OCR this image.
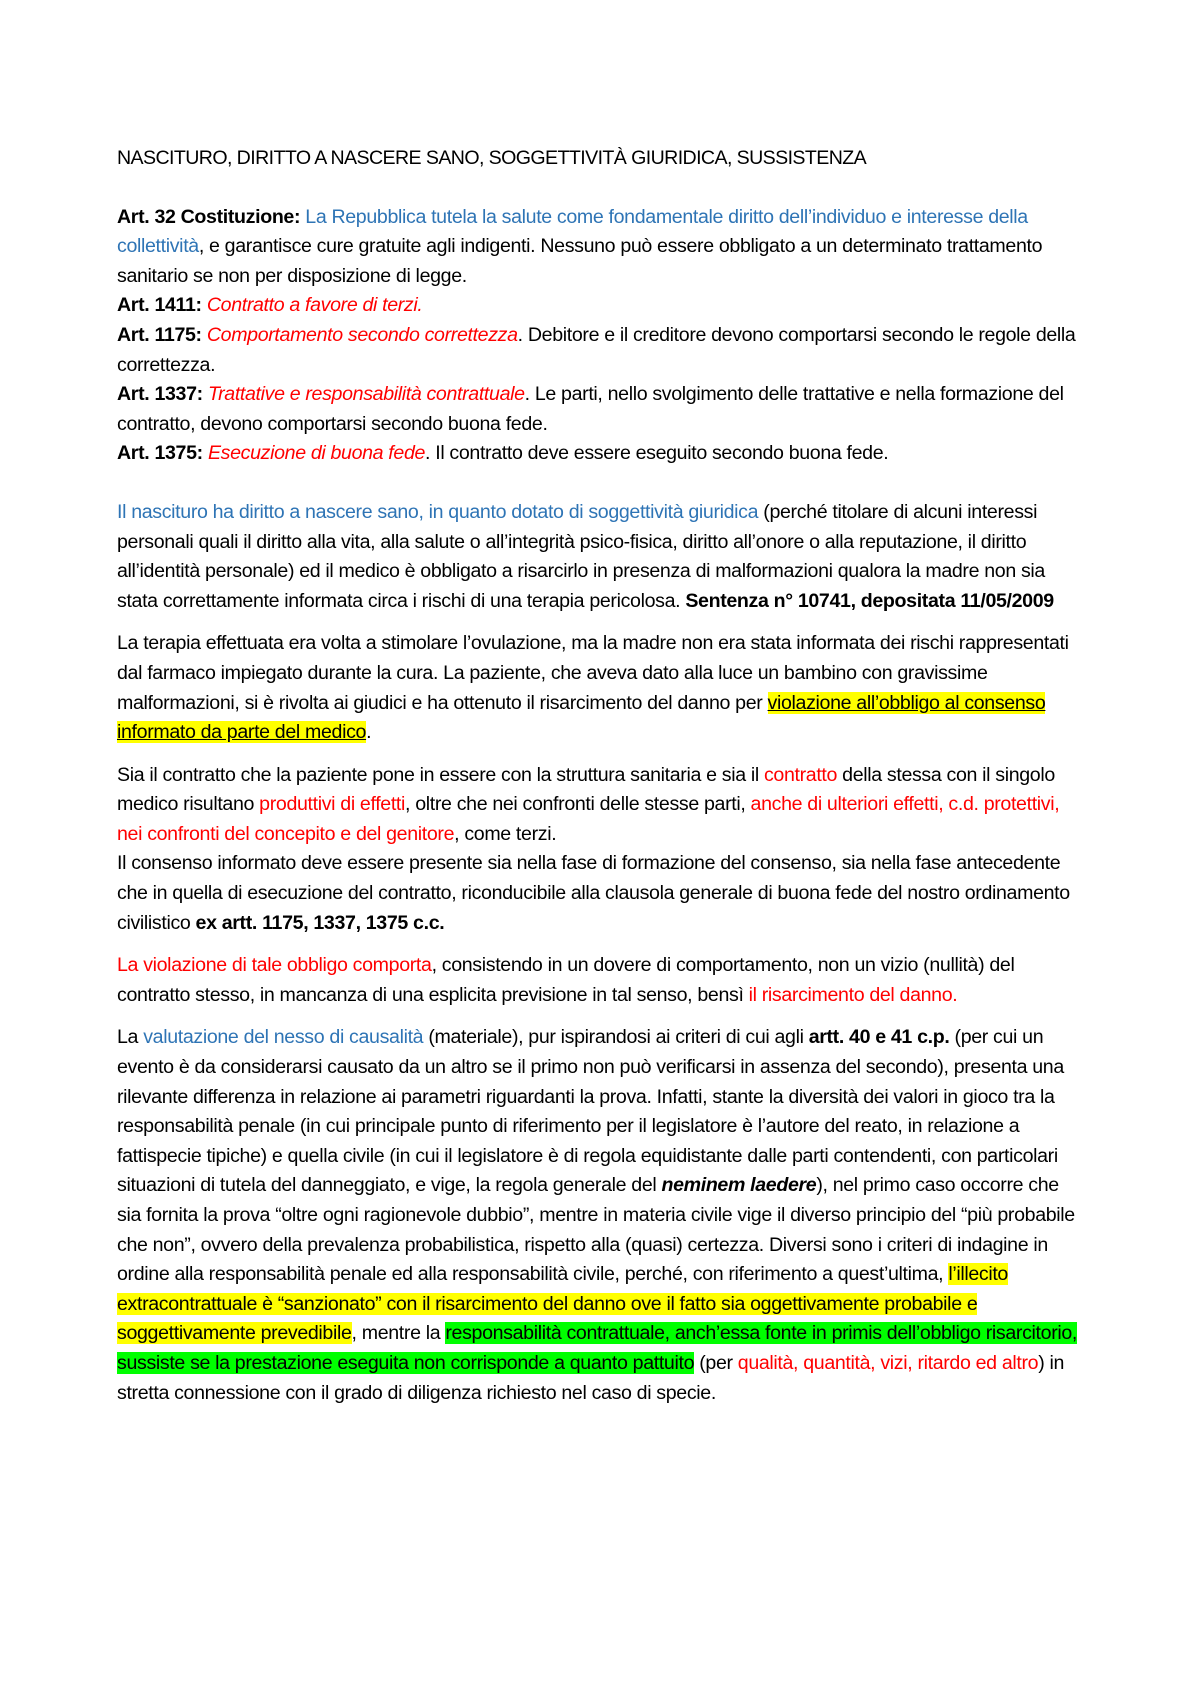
NASCITURO, DIRITTO A NASCERE SANO, SOGGETTIVITÀ GIURIDICA, SUSSISTENZA

Art. 32 Costituzione: La Repubblica tutela la salute come fondamentale diritto dell’individuo e interesse della collettività, e garantisce cure gratuite agli indigenti. Nessuno può essere obbligato a un determinato trattamento sanitario se non per disposizione di legge.

Art. 1411: Contratto a favore di terzi.

Art. 1175: Comportamento secondo correttezza. Debitore e il creditore devono comportarsi secondo le regole della correttezza.

Art. 1337: Trattative e responsabilità contrattuale. Le parti, nello svolgimento delle trattative e nella formazione del contratto, devono comportarsi secondo buona fede.

Art. 1375: Esecuzione di buona fede. Il contratto deve essere eseguito secondo buona fede.

Il nascituro ha diritto a nascere sano, in quanto dotato di soggettività giuridica (perché titolare di alcuni interessi personali quali il diritto alla vita, alla salute o all’integrità psico-fisica, diritto all’onore o alla reputazione, il diritto all’identità personale) ed il medico è obbligato a risarcirlo in presenza di malformazioni qualora la madre non sia stata correttamente informata circa i rischi di una terapia pericolosa. Sentenza n° 10741, depositata 11/05/2009

La terapia effettuata era volta a stimolare l’ovulazione, ma la madre non era stata informata dei rischi rappresentati dal farmaco impiegato durante la cura. La paziente, che aveva dato alla luce un bambino con gravissime malformazioni, si è rivolta ai giudici e ha ottenuto il risarcimento del danno per violazione all’obbligo al consenso informato da parte del medico.

Sia il contratto che la paziente pone in essere con la struttura sanitaria e sia il contratto della stessa con il singolo medico risultano produttivi di effetti, oltre che nei confronti delle stesse parti, anche di ulteriori effetti, c.d. protettivi, nei confronti del concepito e del genitore, come terzi.
Il consenso informato deve essere presente sia nella fase di formazione del consenso, sia nella fase antecedente che in quella di esecuzione del contratto, riconducibile alla clausola generale di buona fede del nostro ordinamento civilistico ex artt. 1175, 1337, 1375 c.c.

La violazione di tale obbligo comporta, consistendo in un dovere di comportamento, non un vizio (nullità) del contratto stesso, in mancanza di una esplicita previsione in tal senso, bensì il risarcimento del danno.

La valutazione del nesso di causalità (materiale), pur ispirandosi ai criteri di cui agli artt. 40 e 41 c.p. (per cui un evento è da considerarsi causato da un altro se il primo non può verificarsi in assenza del secondo), presenta una rilevante differenza in relazione ai parametri riguardanti la prova. Infatti, stante la diversità dei valori in gioco tra la responsabilità penale (in cui principale punto di riferimento per il legislatore è l’autore del reato, in relazione a fattispecie tipiche) e quella civile (in cui il legislatore è di regola equidistante dalle parti contendenti, con particolari situazioni di tutela del danneggiato, e vige, la regola generale del neminem laedere), nel primo caso occorre che sia fornita la prova “oltre ogni ragionevole dubbio”, mentre in materia civile vige il diverso principio del “più probabile che non”, ovvero della prevalenza probabilistica, rispetto alla (quasi) certezza. Diversi sono i criteri di indagine in ordine alla responsabilità penale ed alla responsabilità civile, perché, con riferimento a quest’ultima, l’illecito extracontrattuale è “sanzionato” con il risarcimento del danno ove il fatto sia oggettivamente probabile e soggettivamente prevedibile, mentre la responsabilità contrattuale, anch’essa fonte in primis dell’obbligo risarcitorio, sussiste se la prestazione eseguita non corrisponde a quanto pattuito (per qualità, quantità, vizi, ritardo ed altro) in stretta connessione con il grado di diligenza richiesto nel caso di specie.
